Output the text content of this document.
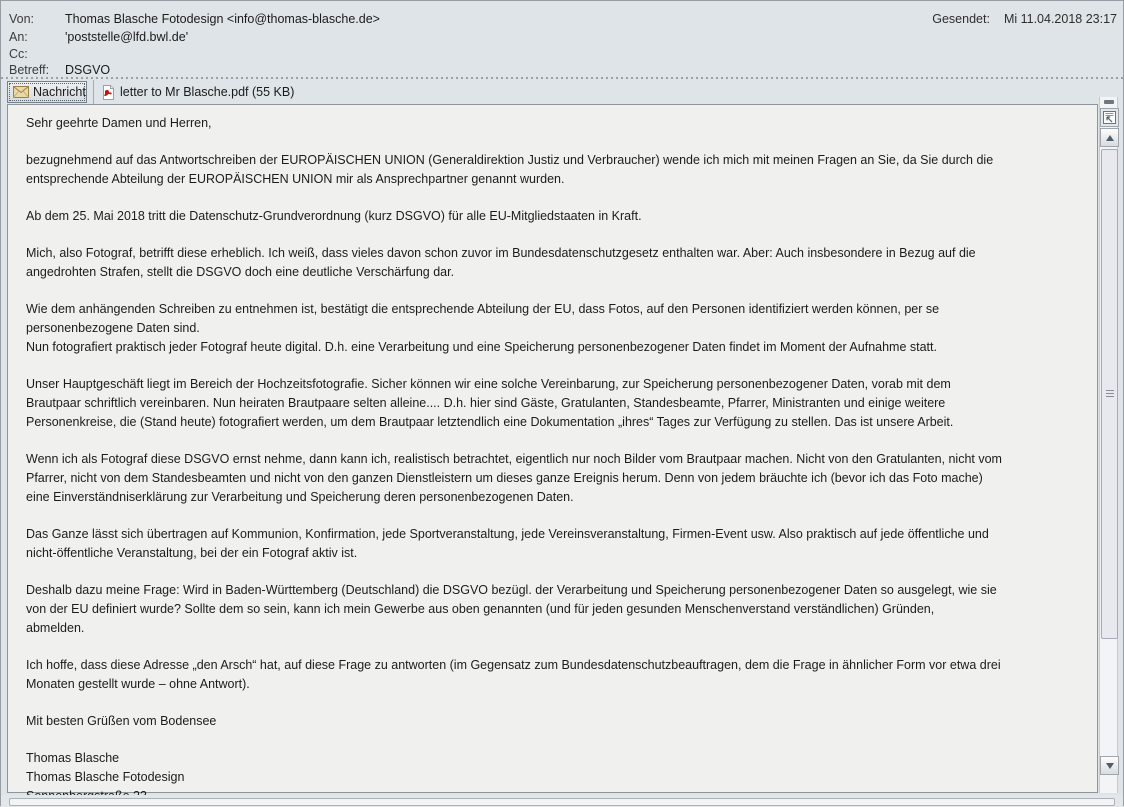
Von:	Thomas Blasche Fotodesign <info@thomas-blasche.de>
An:	'poststelle@lfd.bwl.de'
Cc:
Betreff:	DSGVO
Gesendet: Mi 11.04.2018 23:17
Nachricht	letter to Mr Blasche.pdf (55 KB)
Sehr geehrte Damen und Herren,
bezugnehmend auf das Antwortschreiben der EUROPÄISCHEN UNION (Generaldirektion Justiz und Verbraucher) wende ich mich mit meinen Fragen an Sie, da Sie durch die
entsprechende Abteilung der EUROPÄISCHEN UNION mir als Ansprechpartner genannt wurden.
Ab dem 25. Mai 2018 tritt die Datenschutz-Grundverordnung (kurz DSGVO) für alle EU-Mitgliedstaaten in Kraft.
Mich, also Fotograf, betrifft diese erheblich. Ich weiß, dass vieles davon schon zuvor im Bundesdatenschutzgesetz enthalten war. Aber: Auch insbesondere in Bezug auf die
angedrohten Strafen, stellt die DSGVO doch eine deutliche Verschärfung dar.
Wie dem anhängenden Schreiben zu entnehmen ist, bestätigt die entsprechende Abteilung der EU, dass Fotos, auf den Personen identifiziert werden können, per se
personenbezogene Daten sind.
Nun fotografiert praktisch jeder Fotograf heute digital. D.h. eine Verarbeitung und eine Speicherung personenbezogener Daten findet im Moment der Aufnahme statt.
Unser Hauptgeschäft liegt im Bereich der Hochzeitsfotografie. Sicher können wir eine solche Vereinbarung, zur Speicherung personenbezogener Daten, vorab mit dem
Brautpaar schriftlich vereinbaren. Nun heiraten Brautpaare selten alleine.... D.h. hier sind Gäste, Gratulanten, Standesbeamte, Pfarrer, Ministranten und einige weitere
Personenkreise, die (Stand heute) fotografiert werden, um dem Brautpaar letztendlich eine Dokumentation „ihres“ Tages zur Verfügung zu stellen. Das ist unsere Arbeit.
Wenn ich als Fotograf diese DSGVO ernst nehme, dann kann ich, realistisch betrachtet, eigentlich nur noch Bilder vom Brautpaar machen. Nicht von den Gratulanten, nicht vom
Pfarrer, nicht von dem Standesbeamten und nicht von den ganzen Dienstleistern um dieses ganze Ereignis herum. Denn von jedem bräuchte ich (bevor ich das Foto mache)
eine Einverständniserklärung zur Verarbeitung und Speicherung deren personenbezogenen Daten.
Das Ganze lässt sich übertragen auf Kommunion, Konfirmation, jede Sportveranstaltung, jede Vereinsveranstaltung, Firmen-Event usw. Also praktisch auf jede öffentliche und
nicht-öffentliche Veranstaltung, bei der ein Fotograf aktiv ist.
Deshalb dazu meine Frage: Wird in Baden-Württemberg (Deutschland) die DSGVO bezügl. der Verarbeitung und Speicherung personenbezogener Daten so ausgelegt, wie sie
von der EU definiert wurde? Sollte dem so sein, kann ich mein Gewerbe aus oben genannten (und für jeden gesunden Menschenverstand verständlichen) Gründen,
abmelden.
Ich hoffe, dass diese Adresse „den Arsch“ hat, auf diese Frage zu antworten (im Gegensatz zum Bundesdatenschutzbeauftragen, dem die Frage in ähnlicher Form vor etwa drei
Monaten gestellt wurde – ohne Antwort).
Mit besten Grüßen vom Bodensee
Thomas Blasche
Thomas Blasche Fotodesign
